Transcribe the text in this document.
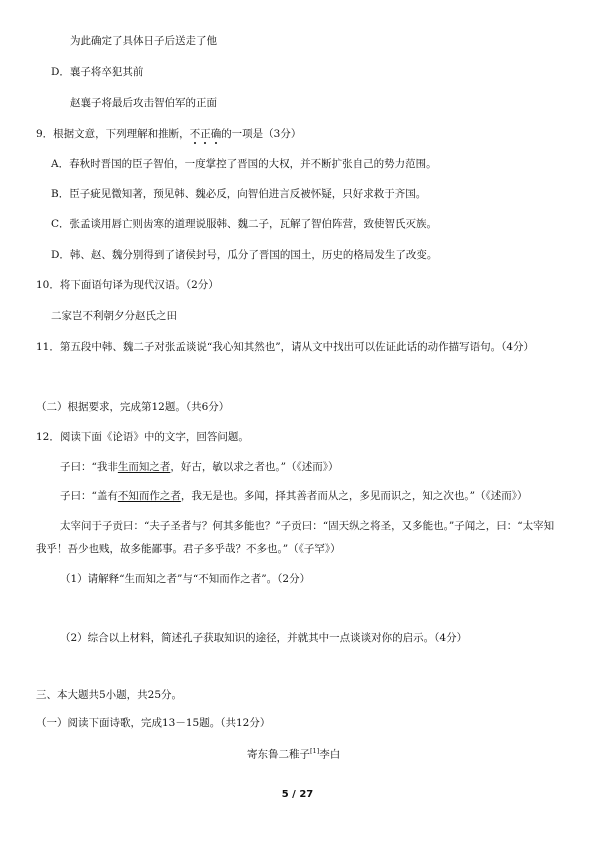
为此确定了具体日子后送走了他
D．襄子将卒犯其前
赵襄子将最后攻击智伯军的正面
9．根据文意，下列理解和推断，不正确的一项是（3分）
A．春秋时晋国的臣子智伯，一度掌控了晋国的大权，并不断扩张自己的势力范围。
B．臣子疵见微知著，预见韩、魏必反，向智伯进言反被怀疑，只好求救于齐国。
C．张孟谈用唇亡则齿寒的道理说服韩、魏二子，瓦解了智伯阵营，致使智氏灭族。
D．韩、赵、魏分别得到了诸侯封号，瓜分了晋国的国土，历史的格局发生了改变。
10．将下面语句译为现代汉语。（2分）
二家岂不利朝夕分赵氏之田
11．第五段中韩、魏二子对张孟谈说“我心知其然也”，请从文中找出可以佐证此话的动作描写语句。（4分）
（二）根据要求，完成第12题。（共6分）
12．阅读下面《论语》中的文字，回答问题。
子曰：“我非生而知之者，好古，敏以求之者也。”（《述而》）
子曰：“盖有不知而作之者，我无是也。多闻，择其善者而从之，多见而识之，知之次也。”（《述而》）
太宰问于子贡曰：“夫子圣者与？何其多能也？”子贡曰：“固天纵之将圣，又多能也。”子闻之，曰：“太宰知
我乎！吾少也贱，故多能鄙事。君子多乎哉？不多也。”（《子罕》）
（1）请解释“生而知之者”与“不知而作之者”。（2分）
（2）综合以上材料，简述孔子获取知识的途径，并就其中一点谈谈对你的启示。（4分）
三、本大题共5小题，共25分。
（一）阅读下面诗歌，完成13－15题。（共12分）
寄东鲁二稚子[1]李白
5 / 27
